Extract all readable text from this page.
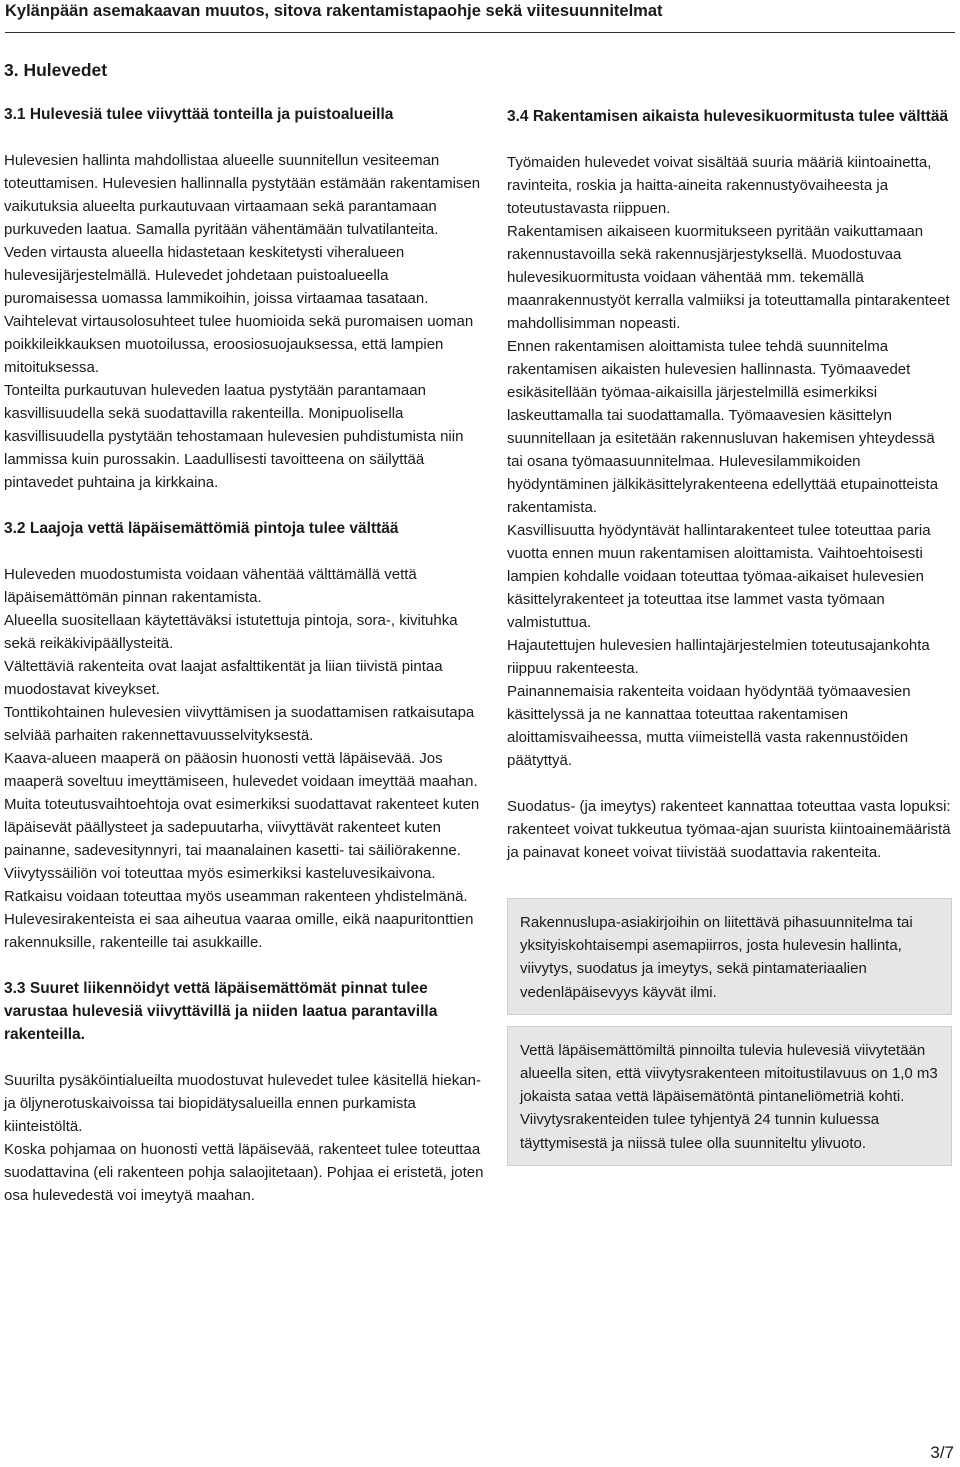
Kylänpään asemakaavan muutos, sitova rakentamistapaohje sekä viitesuunnitelmat
3. Hulevedet
3.1 Hulevesiä tulee viivyttää tonteilla ja puistoalueilla

Hulevesien hallinta mahdollistaa alueelle suunnitellun vesiteeman toteuttamisen. Hulevesien hallinnalla pystytään estämään rakentamisen vaikutuksia alueelta purkautuvaan virtaamaan sekä parantamaan purkuveden laatua. Samalla pyritään vähentämään tulvatilanteita. Veden virtausta alueella hidastetaan keskitetysti viheralueen hulevesijärjestelmällä. Hulevedet johdetaan puistoalueella puromaisessa uomassa lammikoihin, joissa virtaamaa tasataan.

Vaihtelevat virtausolosuhteet tulee huomioida sekä puromaisen uoman poikkileikkauksen muotoilussa, eroosiosuojauksessa, että lampien mitoituksessa.

Tonteilta purkautuvan huleveden laatua pystytään parantamaan kasvillisuudella sekä suodattavilla rakenteilla. Monipuolisella kasvillisuudella pystytään tehostamaan hulevesien puhdistumista niin lammissa kuin purossakin. Laadullisesti tavoitteena on säilyttää pintavedet puhtaina ja kirkkaina.

3.2 Laajoja vettä läpäisemättömiä pintoja tulee välttää

Huleveden muodostumista voidaan vähentää välttämällä vettä läpäisemättömän pinnan rakentamista.

Alueella suositellaan käytettäväksi istutettuja pintoja, sora-, kivituhka sekä reikäkivipäällysteitä.

Vältettäviä rakenteita ovat laajat asfalttikentät ja liian tiivistä pintaa muodostavat kiveykset.

Tonttikohtainen hulevesien viivyttämisen ja suodattamisen ratkaisutapa selviää parhaiten rakennettavuusselvityksestä.

Kaava-alueen maaperä on pääosin huonosti vettä läpäisevää. Jos maaperä soveltuu imeyttämiseen, hulevedet voidaan imeyttää maahan. Muita toteutusvaihtoehtoja ovat esimerkiksi suodattavat rakenteet kuten läpäisevät päällysteet ja sadepuutarha, viivyttävät rakenteet kuten painanne, sadevesitynnyri, tai maanalainen kasetti- tai säiliörakenne.

Viivytyssäiliön voi toteuttaa myös esimerkiksi kasteluvesikaivona. Ratkaisu voidaan toteuttaa myös useamman rakenteen yhdistelmänä. Hulevesirakenteista ei saa aiheutua vaaraa omille, eikä naapuritonttien rakennuksille, rakenteille tai asukkaille.

3.3 Suuret liikennöidyt vettä läpäisemättömät pinnat tulee varustaa hulevesiä viivyttävillä ja niiden laatua parantavilla rakenteilla.

Suurilta pysäköintialueilta muodostuvat hulevedet tulee käsitellä hiekan- ja öljynerotuskaivoissa tai biopidätysalueilla ennen purkamista kiinteistöltä.

Koska pohjamaa on huonosti vettä läpäisevää, rakenteet tulee toteuttaa suodattavina (eli rakenteen pohja salaojitetaan). Pohjaa ei eristetä, joten osa hulevedestä voi imeytyä maahan.

3.4 Rakentamisen aikaista hulevesikuormitusta tulee välttää

Työmaiden hulevedet voivat sisältää suuria määriä kiintoainetta, ravinteita, roskia ja haitta-aineita rakennustyövaiheesta ja toteutustavasta riippuen.

Rakentamisen aikaiseen kuormitukseen pyritään vaikuttamaan rakennustavoilla sekä rakennusjärjestyksellä. Muodostuvaa hulevesikuormitusta voidaan vähentää mm. tekemällä maanrakennustyöt kerralla valmiiksi ja toteuttamalla pintarakenteet mahdollisimman nopeasti.

Ennen rakentamisen aloittamista tulee tehdä suunnitelma rakentamisen aikaisten hulevesien hallinnasta. Työmaavedet esikäsitellään työmaa-aikaisilla järjestelmillä esimerkiksi laskeuttamalla tai suodattamalla. Työmaavesien käsittelyn suunnitellaan ja esitetään rakennusluvan hakemisen yhteydessä tai osana työmaasuunnitelmaa. Hulevesilammikoiden hyödyntäminen jälkikäsittelyrakenteena edellyttää etupainotteista rakentamista.

Kasvillisuutta hyödyntävät hallintarakenteet tulee toteuttaa paria vuotta ennen muun rakentamisen aloittamista. Vaihtoehtoisesti lampien kohdalle voidaan toteuttaa työmaa-aikaiset hulevesien käsittelyrakenteet ja toteuttaa itse lammet vasta työmaan valmistuttua.

Hajautettujen hulevesien hallintajärjestelmien toteutusajankohta riippuu rakenteesta.

Painannemaisia rakenteita voidaan hyödyntää työmaavesien käsittelyssä ja ne kannattaa toteuttaa rakentamisen aloittamisvaiheessa, mutta viimeistellä vasta rakennustöiden päätyttyä.

Suodatus- (ja imeytys) rakenteet kannattaa toteuttaa vasta lopuksi: rakenteet voivat tukkeutua työmaa-ajan suurista kiintoainemääristä ja painavat koneet voivat tiivistää suodattavia rakenteita.

Rakennuslupa-asiakirjoihin on liitettävä pihasuunnitelma tai yksityiskohtaisempi asemapiirros, josta hulevesin hallinta, viivytys, suodatus ja imeytys, sekä pintamateriaalien vedenläpäisevyys käyvät ilmi.

Vettä läpäisemättömiltä pinnoilta tulevia hulevesiä viivytetään alueella siten, että viivytysrakenteen mitoitustilavuus on 1,0 m3 jokaista sataa vettä läpäisemätöntä pintaneliömetriä kohti. Viivytysrakenteiden tulee tyhjentyä 24 tunnin kuluessa täyttymisestä ja niissä tulee olla suunniteltu ylivuoto.

3/7
